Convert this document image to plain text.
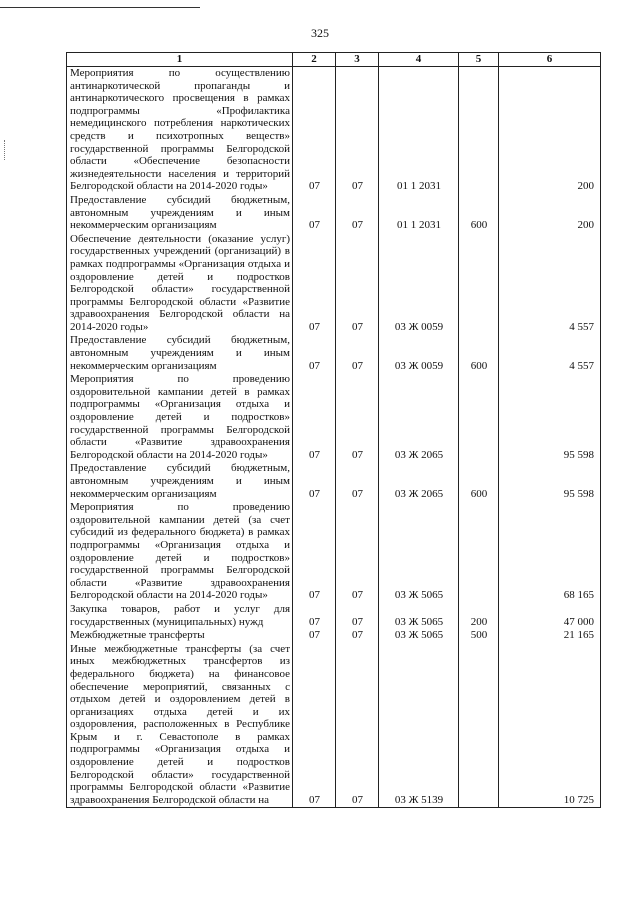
325
1	2	3	4	5	6
Мероприятия по осуществлению антинаркотической пропаганды и антинаркотического просвещения в рамках подпрограммы «Профилактика немедицинского потребления наркотических средств и психотропных веществ» государственной программы Белгородской области «Обеспечение безопасности жизнедеятельности населения и территорий Белгородской области на 2014-2020 годы»	07	07	01 1 2031		200
Предоставление субсидий бюджетным, автономным учреждениям и иным некоммерческим организациям	07	07	01 1 2031	600	200
Обеспечение деятельности (оказание услуг) государственных учреждений (организаций) в рамках подпрограммы «Организация отдыха и оздоровление детей и подростков Белгородской области» государственной программы Белгородской области «Развитие здравоохранения Белгородской области на 2014-2020 годы»	07	07	03 Ж 0059		4 557
Предоставление субсидий бюджетным, автономным учреждениям и иным некоммерческим организациям	07	07	03 Ж 0059	600	4 557
Мероприятия по проведению оздоровительной кампании детей в рамках подпрограммы «Организация отдыха и оздоровление детей и подростков» государственной программы Белгородской области «Развитие здравоохранения Белгородской области на 2014-2020 годы»	07	07	03 Ж 2065		95 598
Предоставление субсидий бюджетным, автономным учреждениям и иным некоммерческим организациям	07	07	03 Ж 2065	600	95 598
Мероприятия по проведению оздоровительной кампании детей (за счет субсидий из федерального бюджета) в рамках подпрограммы «Организация отдыха и оздоровление детей и подростков» государственной программы Белгородской области «Развитие здравоохранения Белгородской области на 2014-2020 годы»	07	07	03 Ж 5065		68 165
Закупка товаров, работ и услуг для государственных (муниципальных) нужд	07	07	03 Ж 5065	200	47 000
Межбюджетные трансферты	07	07	03 Ж 5065	500	21 165
Иные межбюджетные трансферты (за счет иных межбюджетных трансфертов из федерального бюджета) на финансовое обеспечение мероприятий, связанных с отдыхом детей и оздоровлением детей в организациях отдыха детей и их оздоровления, расположенных в Республике Крым и г. Севастополе в рамках подпрограммы «Организация отдыха и оздоровление детей и подростков Белгородской области» государственной программы Белгородской области «Развитие здравоохранения Белгородской области на	07	07	03 Ж 5139		10 725
